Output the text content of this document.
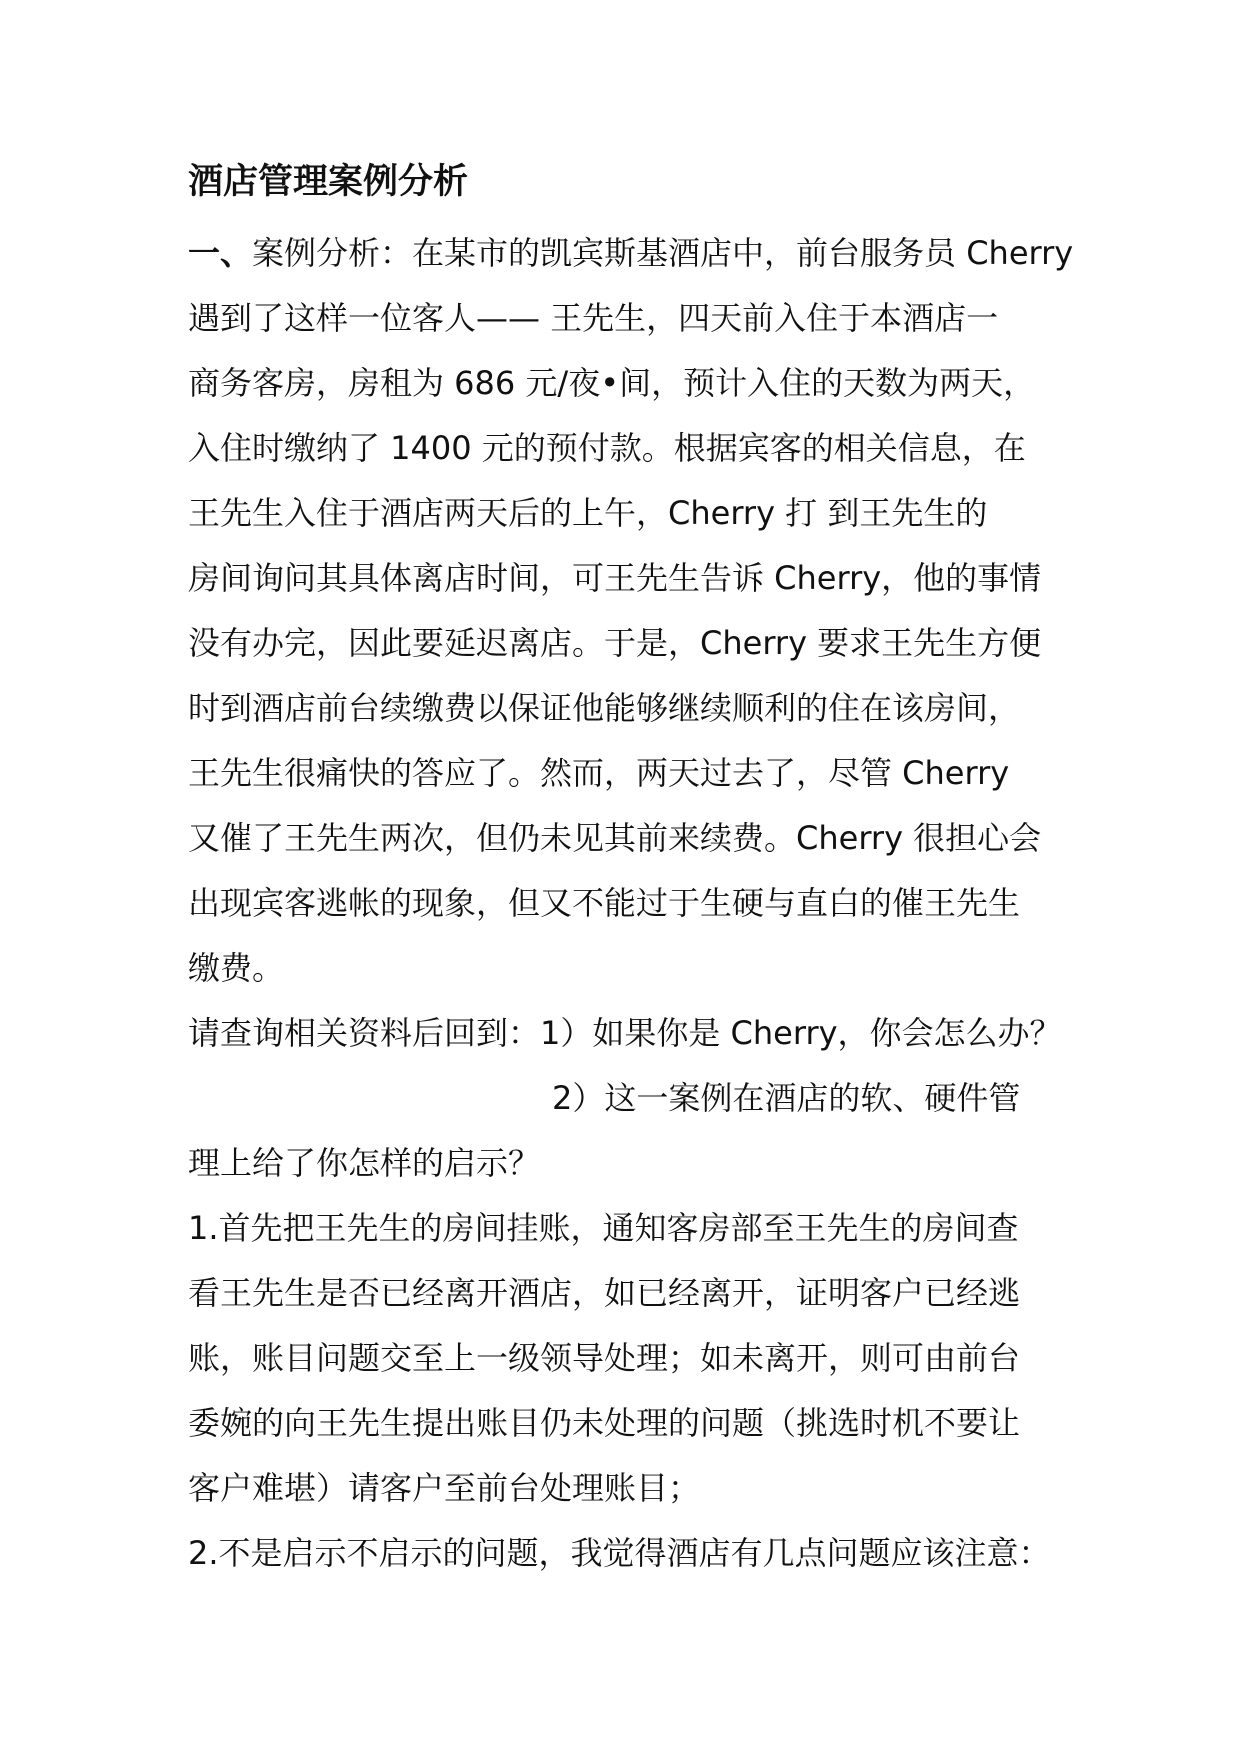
酒店管理案例分析
一、案例分析：在某市的凯宾斯基酒店中，前台服务员 Cherry
遇到了这样一位客人—— 王先生，四天前入住于本酒店一
商务客房，房租为 686 元/夜•间，预计入住的天数为两天，
入住时缴纳了 1400 元的预付款。根据宾客的相关信息，在
王先生入住于酒店两天后的上午，Cherry 打 到王先生的
房间询问其具体离店时间，可王先生告诉 Cherry，他的事情
没有办完，因此要延迟离店。于是，Cherry 要求王先生方便
时到酒店前台续缴费以保证他能够继续顺利的住在该房间，
王先生很痛快的答应了。然而，两天过去了，尽管 Cherry
又催了王先生两次，但仍未见其前来续费。Cherry 很担心会
出现宾客逃帐的现象，但又不能过于生硬与直白的催王先生
缴费。
请查询相关资料后回到：1）如果你是 Cherry，你会怎么办？
2）这一案例在酒店的软、硬件管
理上给了你怎样的启示？
1.首先把王先生的房间挂账，通知客房部至王先生的房间查
看王先生是否已经离开酒店，如已经离开，证明客户已经逃
账，账目问题交至上一级领导处理；如未离开，则可由前台
委婉的向王先生提出账目仍未处理的问题（挑选时机不要让
客户难堪）请客户至前台处理账目；
2.不是启示不启示的问题，我觉得酒店有几点问题应该注意：
